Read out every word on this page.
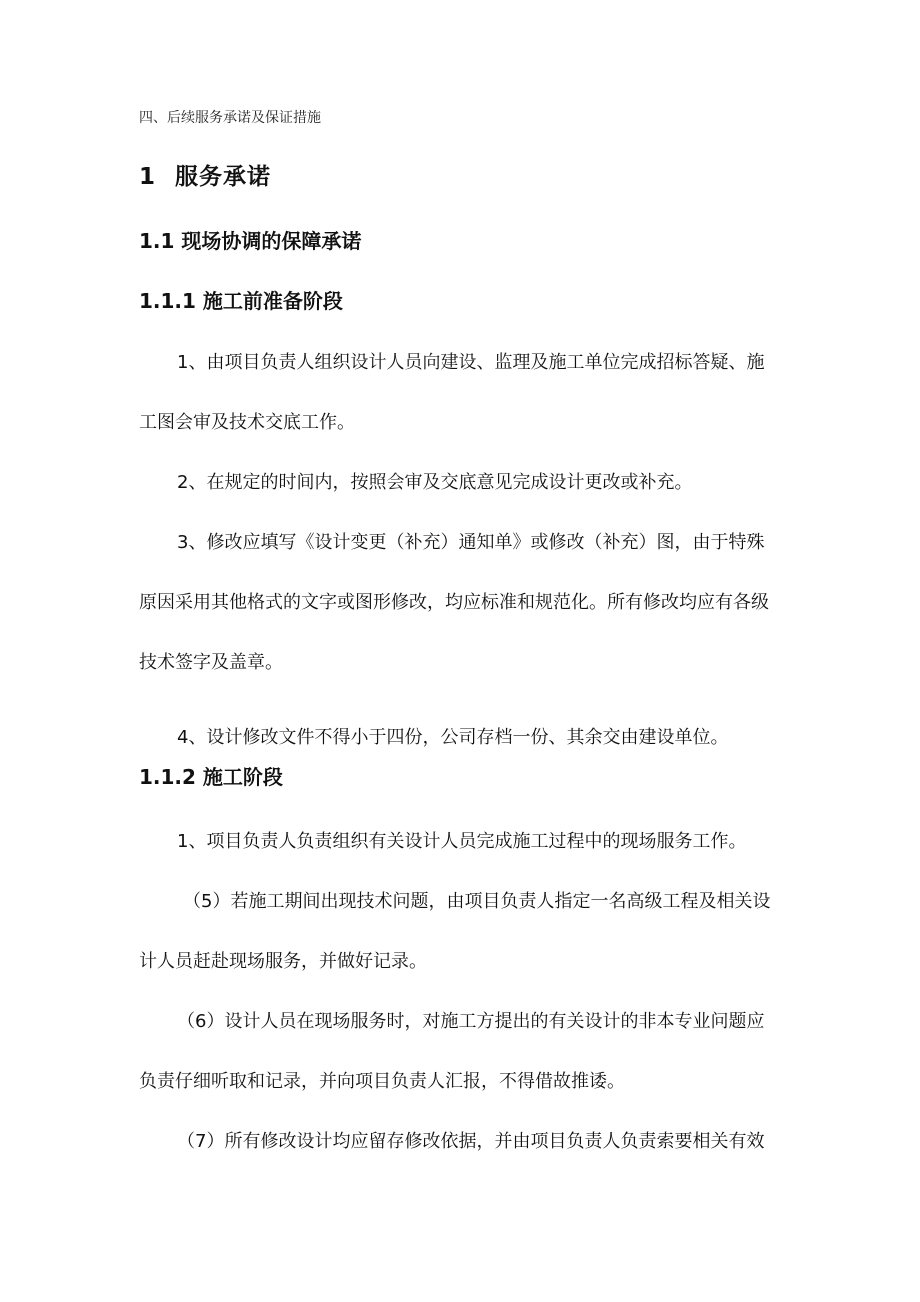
四、后续服务承诺及保证措施

1 服务承诺
1.1 现场协调的保障承诺
1.1.1 施工前准备阶段

1、由项目负责人组织设计人员向建设、监理及施工单位完成招标答疑、施

工图会审及技术交底工作。

2、在规定的时间内，按照会审及交底意见完成设计更改或补充。

3、修改应填写《设计变更（补充）通知单》或修改（补充）图，由于特殊

原因采用其他格式的文字或图形修改，均应标准和规范化。所有修改均应有各级

技术签字及盖章。

4、设计修改文件不得小于四份，公司存档一份、其余交由建设单位。

1.1.2 施工阶段

1、项目负责人负责组织有关设计人员完成施工过程中的现场服务工作。

（5）若施工期间出现技术问题，由项目负责人指定一名高级工程及相关设

计人员赶赴现场服务，并做好记录。

（6）设计人员在现场服务时，对施工方提出的有关设计的非本专业问题应

负责仔细听取和记录，并向项目负责人汇报，不得借故推诿。

（7）所有修改设计均应留存修改依据，并由项目负责人负责索要相关有效
